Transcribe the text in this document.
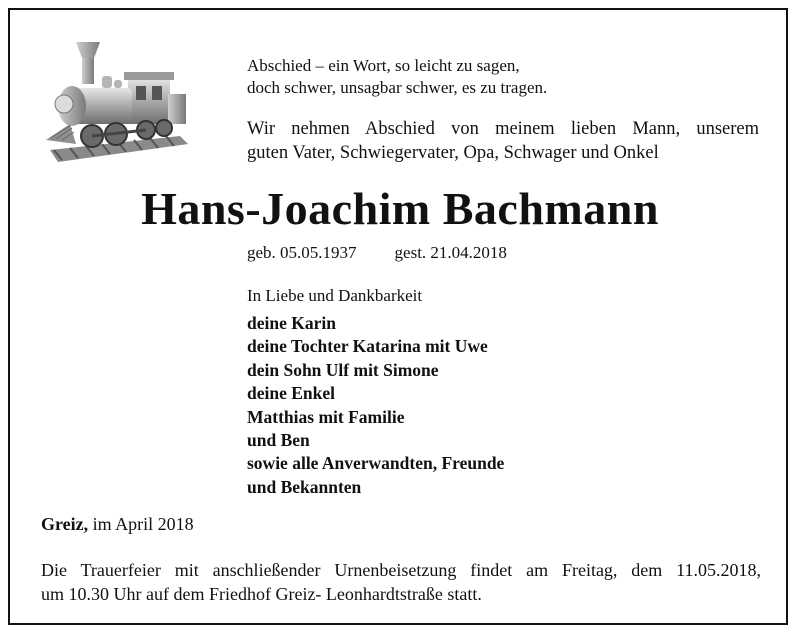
Abschied – ein Wort, so leicht zu sagen,
doch schwer, unsagbar schwer, es zu tragen.
Wir nehmen Abschied von meinem lieben Mann, unserem
guten Vater, Schwiegervater, Opa, Schwager und Onkel
Hans-Joachim Bachmann
geb. 05.05.1937 gest. 21.04.2018
In Liebe und Dankbarkeit
deine Karin
deine Tochter Katarina mit Uwe
dein Sohn Ulf mit Simone
deine Enkel
Matthias mit Familie
und Ben
sowie alle Anverwandten, Freunde
und Bekannten
Greiz, im April 2018
Die Trauerfeier mit anschließender Urnenbeisetzung findet am Freitag, dem 11.05.2018,
um 10.30 Uhr auf dem Friedhof Greiz- Leonhardtstraße statt.
